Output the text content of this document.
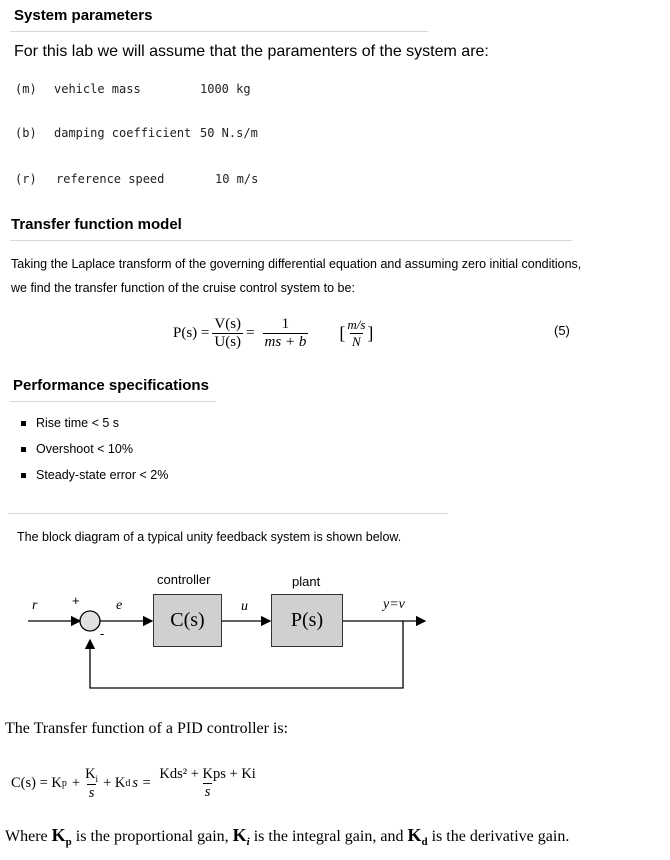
System parameters
For this lab we will assume that the paramenters of the system are:
(m) vehicle mass	1000 kg
(b) damping coefficient 50 N.s/m
(r) reference speed	10 m/s
Transfer function model
Taking the Laplace transform of the governing differential equation and assuming zero initial conditions,
we find the transfer function of the cruise control system to be:
$P(s) = \frac{V(s)}{U(s)} = \frac{1}{ms + b}$ [ $\frac{m/s}{N}$ ]	(5)
Performance specifications
Rise time < 5 s
Overshoot < 10%
Steady-state error < 2%
The block diagram of a typical unity feedback system is shown below.
controller	plant
C(s)	P(s)
r	+
-
e	u	y=v
The Transfer function of a PID controller is:
C(s) = K $p + \frac{K_i}{s} + K$ d $s = \frac{\text{Kds² + Kps + Ki}}{s}$
Where $K_p$ is the proportional gain, $K_i$ is the integral gain, and $K_d$ is the derivative gain.
